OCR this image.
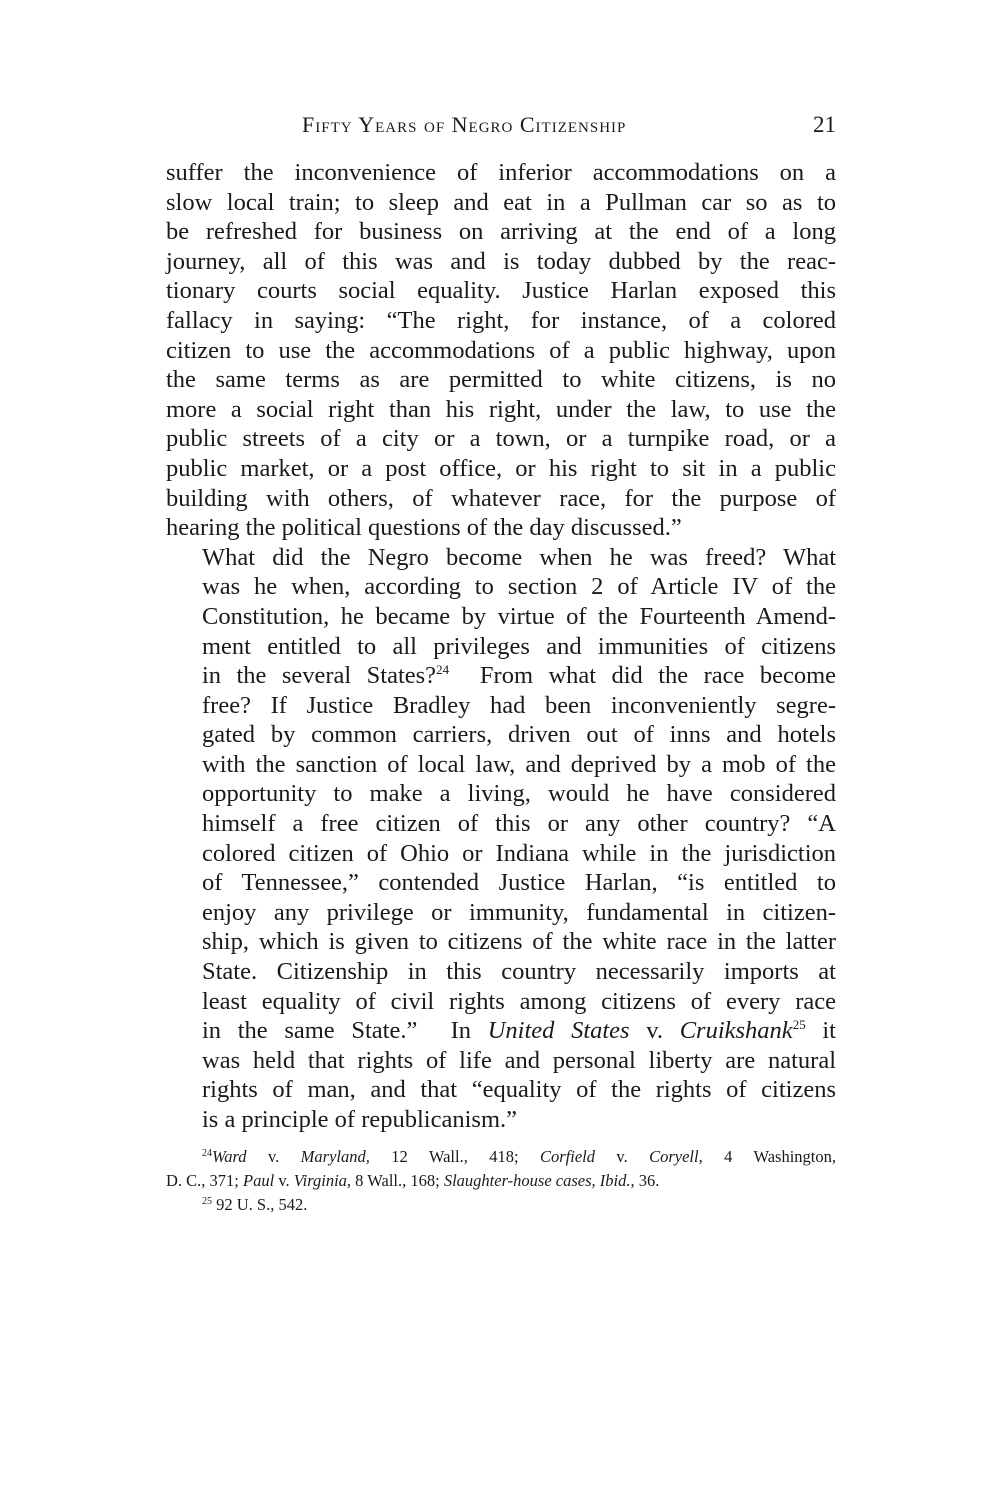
Fifty Years of Negro Citizenship	21

suffer the inconvenience of inferior accommodations on a
slow local train; to sleep and eat in a Pullman car so as to
be refreshed for business on arriving at the end of a long
journey, all of this was and is today dubbed by the reac-
tionary courts social equality. Justice Harlan exposed this
fallacy in saying: “The right, for instance, of a colored
citizen to use the accommodations of a public highway, upon
the same terms as are permitted to white citizens, is no
more a social right than his right, under the law, to use the
public streets of a city or a town, or a turnpike road, or a
public market, or a post office, or his right to sit in a public
building with others, of whatever race, for the purpose of
hearing the political questions of the day discussed.”

What did the Negro become when he was freed? What
was he when, according to section 2 of Article IV of the
Constitution, he became by virtue of the Fourteenth Amend-
ment entitled to all privileges and immunities of citizens
in the several States?$^{24}$  From what did the race become
free? If Justice Bradley had been inconveniently segre-
gated by common carriers, driven out of inns and hotels
with the sanction of local law, and deprived by a mob of the
opportunity to make a living, would he have considered
himself a free citizen of this or any other country? “A
colored citizen of Ohio or Indiana while in the jurisdiction
of Tennessee,” contended Justice Harlan, “is entitled to
enjoy any privilege or immunity, fundamental in citizen-
ship, which is given to citizens of the white race in the latter
State. Citizenship in this country necessarily imports at
least equality of civil rights among citizens of every race
in the same State.”  In United States v. Cruikshank$^{25}$ it
was held that rights of life and personal liberty are natural
rights of man, and that “equality of the rights of citizens
is a principle of republicanism.”

$^{24}$Ward v. Maryland, 12 Wall., 418; Corfield v. Coryell, 4 Washington,
D. C., 371; Paul v. Virginia, 8 Wall., 168; Slaughter-house cases, Ibid., 36.
$^{25}$ 92 U. S., 542.
